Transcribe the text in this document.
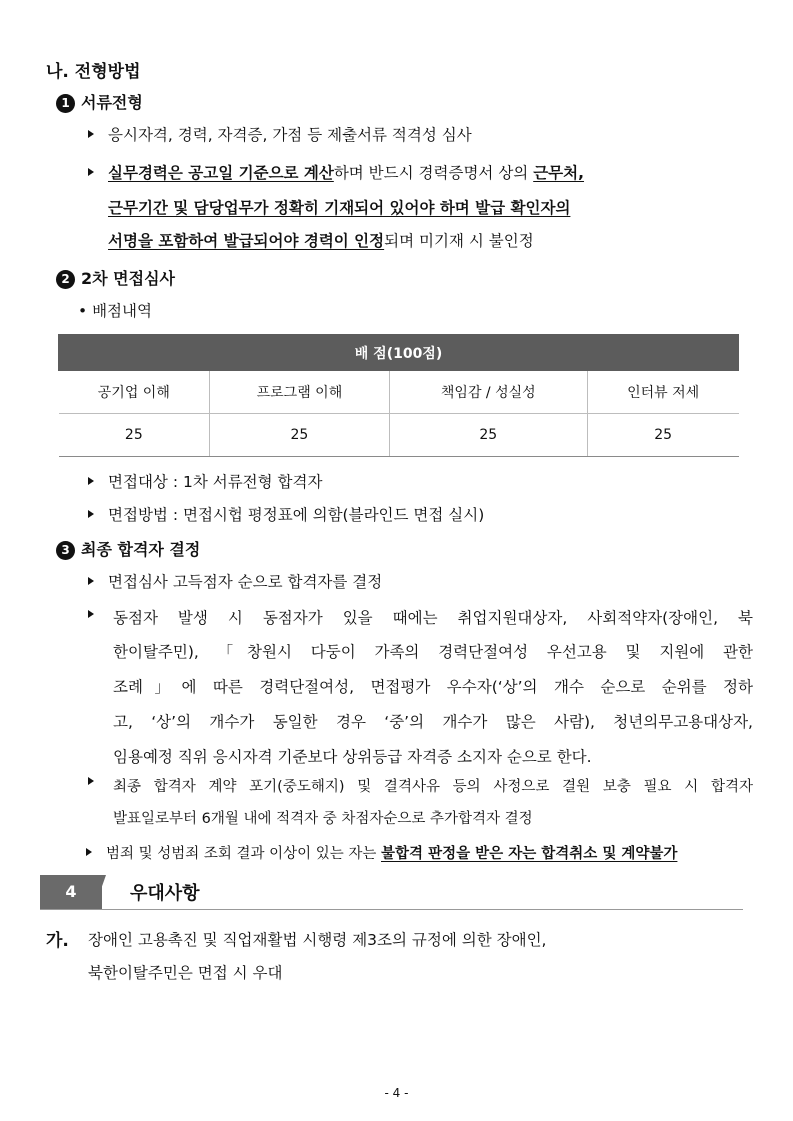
나. 전형방법
1 서류전형
응시자격, 경력, 자격증, 가점 등 제출서류 적격성 심사
실무경력은 공고일 기준으로 계산하며 반드시 경력증명서 상의 근무처,
근무기간 및 담당업무가 정확히 기재되어 있어야 하며 발급 확인자의
서명을 포함하여 발급되어야 경력이 인정되며 미기재 시 불인정
2 2차 면접심사
• 배점내역
배 점(100점)			
공기업 이해	프로그램 이해	책임감 / 성실성	인터뷰 저세
25	25	25	25
면접대상 : 1차 서류전형 합격자
면접방법 : 면접시헙 평정표에 의함(블라인드 면접 실시)
3 최종 합격자 결정
면접심사 고득점자 순으로 합격자를 결정
동점자 발생 시 동점자가 있을 때에는 취업지원대상자, 사회적약자(장애인, 북
한이탈주민), 「창원시 다둥이 가족의 경력단절여성 우선고용 및 지원에 관한
조례」에 따른 경력단절여성, 면접평가 우수자(‘상’의 개수 순으로 순위를 정하
고, ‘상’의 개수가 동일한 경우 ‘중’의 개수가 많은 사람), 청년의무고용대상자,
임용예정 직위 응시자격 기준보다 상위등급 자격증 소지자 순으로 한다.
최종 합격자 계약 포기(중도해지) 및 결격사유 등의 사정으로 결원 보충 필요 시 합격자
발표일로부터 6개월 내에 적격자 중 차점자순으로 추가합격자 결정
범죄 및 성범죄 조회 결과 이상이 있는 자는 불합격 판정을 받은 자는 합격취소 및 계약불가
4	우대사항
가. 장애인 고용촉진 및 직업재활법 시행령 제3조의 규정에 의한 장애인,
북한이탈주민은 면접 시 우대
- 4 -
